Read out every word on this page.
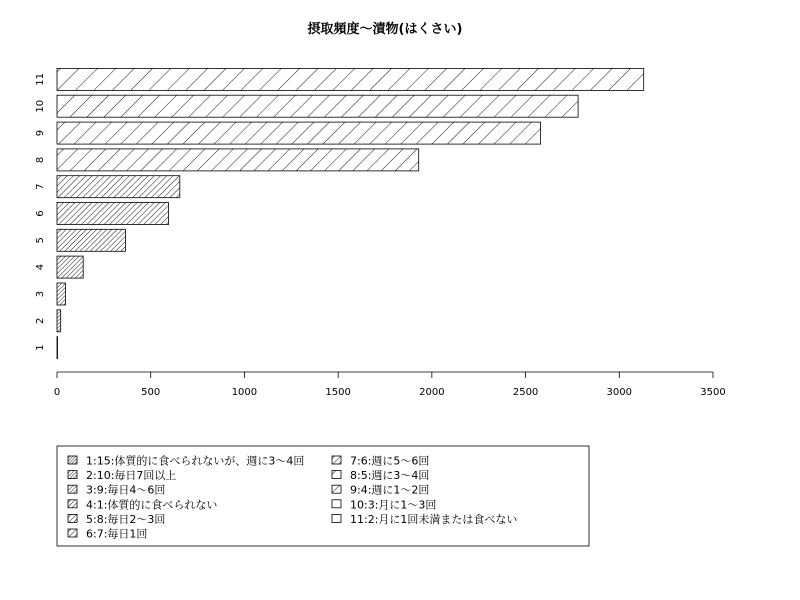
摂取頻度～漬物(はくさい)
1
2
3
4
5
6
7
8
9
10
11
0	500	1000	1500	2000	2500	3000	3500
1:15:体質的に食べられないが、週に3～4回
2:10:毎日7回以上
3:9:毎日4～6回
4:1:体質的に食べられない
5:8:毎日2～3回
6:7:毎日1回
7:6:週に5～6回
8:5:週に3～4回
9:4:週に1～2回
10:3:月に1～3回
11:2:月に1回未満または食べない
